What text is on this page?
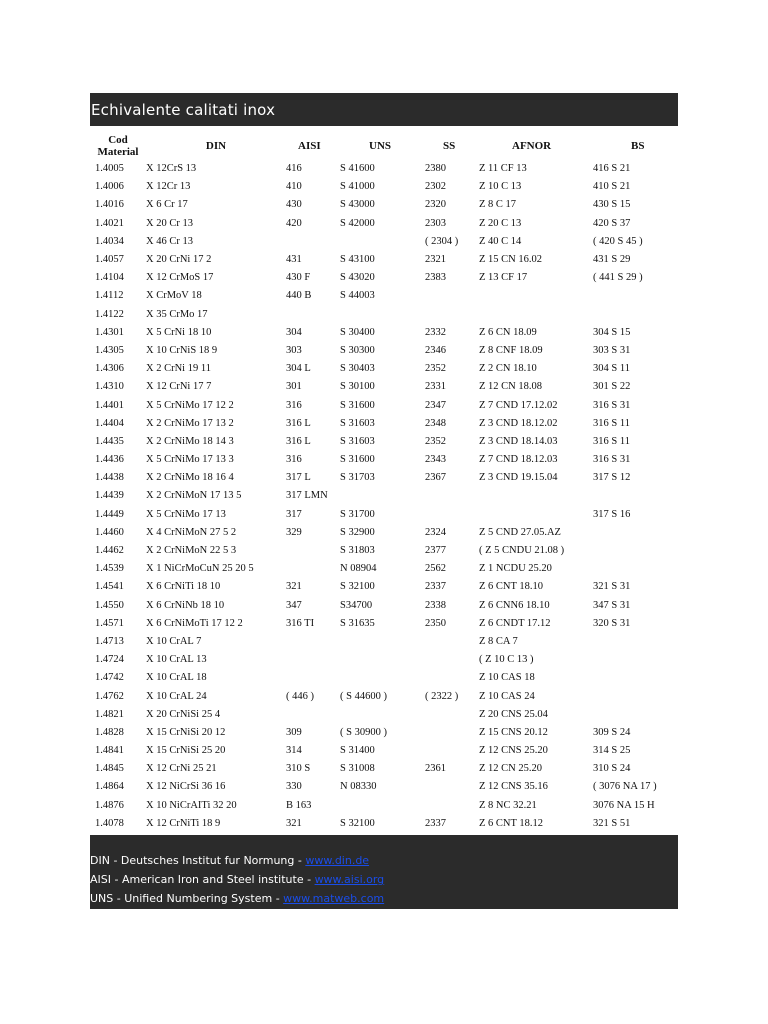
Echivalente calitati inox
Cod Material	DIN	AISI	UNS	SS	AFNOR	BS
1.4005	X 12CrS 13	416	S 41600	2380	Z 11 CF 13	416 S 21
1.4006	X 12Cr 13	410	S 41000	2302	Z 10 C 13	410 S 21
1.4016	X 6 Cr 17	430	S 43000	2320	Z 8 C 17	430 S 15
1.4021	X 20 Cr 13	420	S 42000	2303	Z 20 C 13	420 S 37
1.4034	X 46 Cr 13			( 2304 )	Z 40 C 14	( 420 S 45 )
1.4057	X 20 CrNi 17 2	431	S 43100	2321	Z 15 CN 16.02	431 S 29
1.4104	X 12 CrMoS 17	430 F	S 43020	2383	Z 13 CF 17	( 441 S 29 )
1.4112	X CrMoV 18	440 B	S 44003			
1.4122	X 35 CrMo 17					
1.4301	X 5 CrNi 18 10	304	S 30400	2332	Z 6 CN 18.09	304 S 15
1.4305	X 10 CrNiS 18 9	303	S 30300	2346	Z 8 CNF 18.09	303 S 31
1.4306	X 2 CrNi 19 11	304 L	S 30403	2352	Z 2 CN 18.10	304 S 11
1.4310	X 12 CrNi 17 7	301	S 30100	2331	Z 12 CN 18.08	301 S 22
1.4401	X 5 CrNiMo 17 12 2	316	S 31600	2347	Z 7 CND 17.12.02	316 S 31
1.4404	X 2 CrNiMo 17 13 2	316 L	S 31603	2348	Z 3 CND 18.12.02	316 S 11
1.4435	X 2 CrNiMo 18 14 3	316 L	S 31603	2352	Z 3 CND 18.14.03	316 S 11
1.4436	X 5 CrNiMo 17 13 3	316	S 31600	2343	Z 7 CND 18.12.03	316 S 31
1.4438	X 2 CrNiMo 18 16 4	317 L	S 31703	2367	Z 3 CND 19.15.04	317 S 12
1.4439	X 2 CrNiMoN 17 13 5	317 LMN				
1.4449	X 5 CrNiMo 17 13	317	S 31700			317 S 16
1.4460	X 4 CrNiMoN 27 5 2	329	S 32900	2324	Z 5 CND 27.05.AZ	
1.4462	X 2 CrNiMoN 22 5 3		S 31803	2377	( Z 5 CNDU 21.08 )	
1.4539	X 1 NiCrMoCuN 25 20 5		N 08904	2562	Z 1 NCDU 25.20	
1.4541	X 6 CrNiTi 18 10	321	S 32100	2337	Z 6 CNT 18.10	321 S 31
1.4550	X 6 CrNiNb 18 10	347	S34700	2338	Z 6 CNN6 18.10	347 S 31
1.4571	X 6 CrNiMoTi 17 12 2	316 TI	S 31635	2350	Z 6 CNDT 17.12	320 S 31
1.4713	X 10 CrAL 7				Z 8 CA 7	
1.4724	X 10 CrAL 13				( Z 10 C 13 )	
1.4742	X 10 CrAL 18				Z 10 CAS 18	
1.4762	X 10 CrAL 24	( 446 )	( S 44600 )	( 2322 )	Z 10 CAS 24	
1.4821	X 20 CrNiSi 25 4				Z 20 CNS 25.04	
1.4828	X 15 CrNiSi 20 12	309	( S 30900 )		Z 15 CNS 20.12	309 S 24
1.4841	X 15 CrNiSi 25 20	314	S 31400		Z 12 CNS 25.20	314 S 25
1.4845	X 12 CrNi 25 21	310 S	S 31008	2361	Z 12 CN 25.20	310 S 24
1.4864	X 12 NiCrSi 36 16	330	N 08330		Z 12 CNS 35.16	( 3076 NA 17 )
1.4876	X 10 NiCrAITi 32 20	B 163			Z 8 NC 32.21	3076 NA 15 H
1.4078	X 12 CrNiTi 18 9	321	S 32100	2337	Z 6 CNT 18.12	321 S 51
DIN - Deutsches Institut fur Normung - www.din.de
AISI - American Iron and Steel institute - www.aisi.org
UNS - Unified Numbering System - www.matweb.com
